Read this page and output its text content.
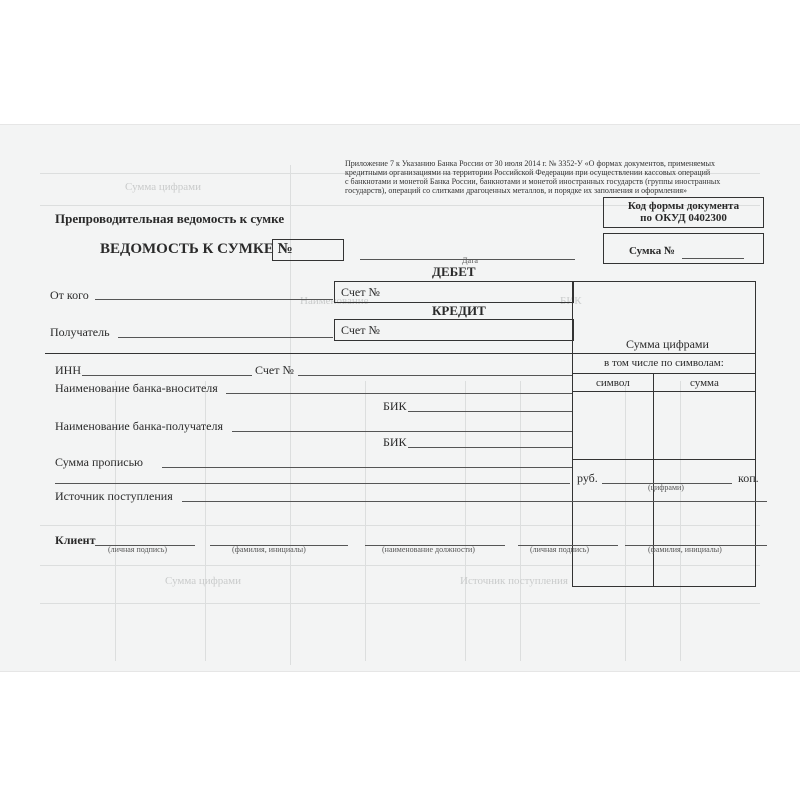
Сумма цифрами
Сумма цифрами	Источник поступления
Наименование	БИК
Приложение 7 к Указанию Банка России от 30 июля 2014 г. № 3352-У «О формах документов, применяемых
кредитными организациями на территории Российской Федерации при осуществлении кассовых операций
с банкнотами и монетой Банка России, банкнотами и монетой иностранных государств (группы иностранных
государств), операций со слитками драгоценных металлов, и порядке их заполнения и оформления»
Код формы документа
по ОКУД 0402300
Препроводительная ведомость к сумке
ВЕДОМОСТЬ К СУМКЕ №
Дата
Сумка №
ДЕБЕТ
Сумма цифрами
в том числе по символам:
символ	сумма
Счет №
КРЕДИТ
Счет №
От кого
Получатель
ИНН	Счет №
Наименование банка-вносителя
БИК
Наименование банка-получателя
БИК
Сумма прописью
руб.	коп.
(цифрами)
Источник поступления
Клиент
(личная подпись)	(фамилия, инициалы)	(наименование должности)	(личная подпись)	(фамилия, инициалы)
